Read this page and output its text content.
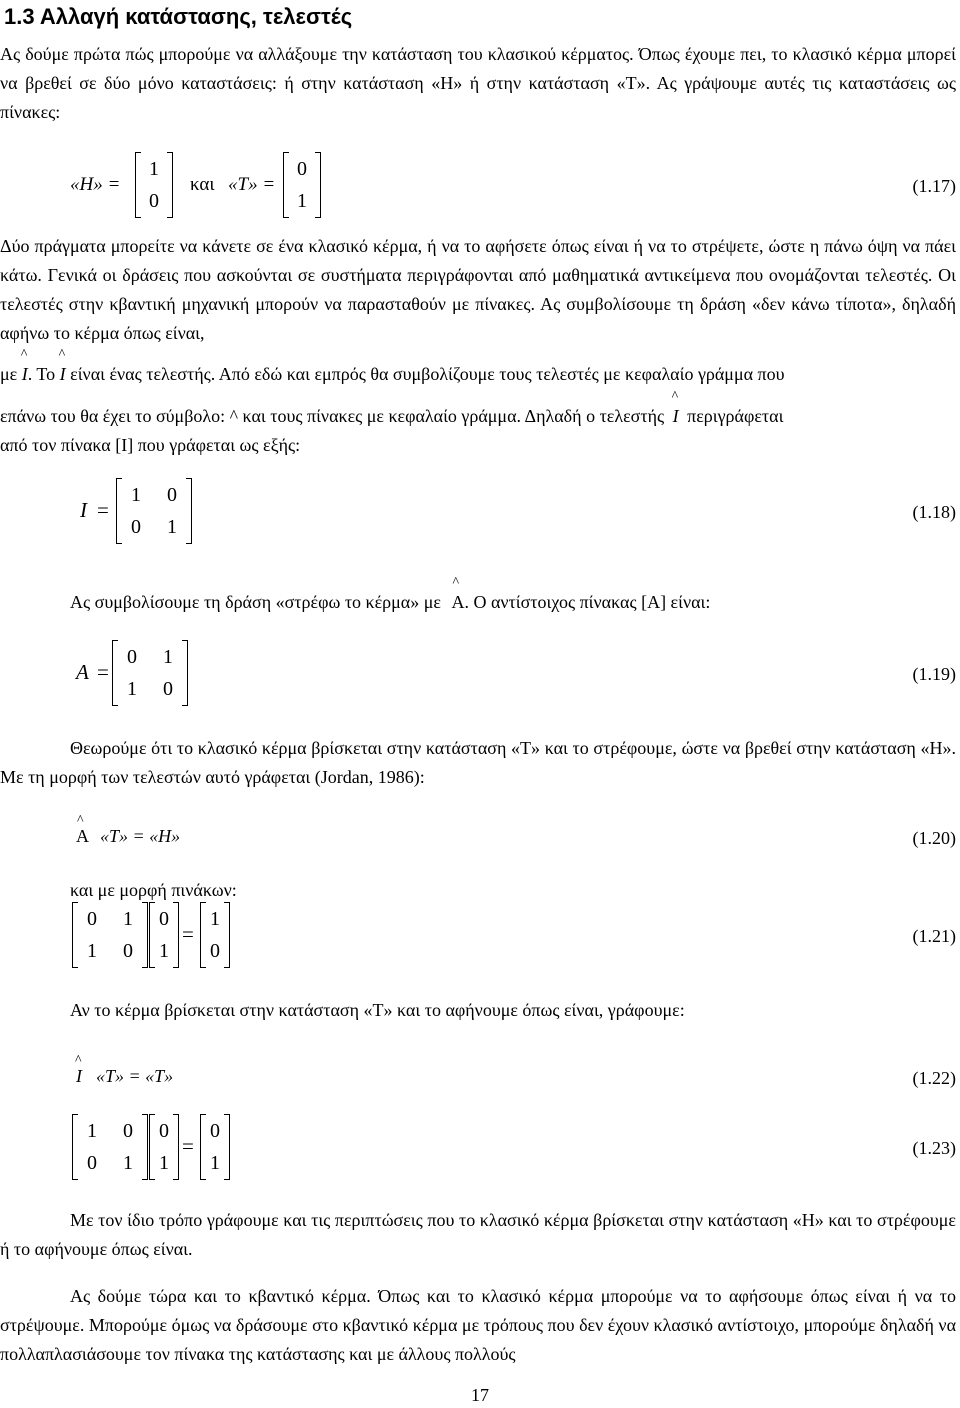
1.3 Αλλαγή κατάστασης, τελεστές
Ας δούμε πρώτα πώς μπορούμε να αλλάξουμε την κατάσταση του κλασικού κέρματος. Όπως έχουμε πει, το κλασικό κέρμα μπορεί να βρεθεί σε δύο μόνο καταστάσεις: ή στην κατάσταση «Η» ή στην κατάσταση «Τ». Ας γράψουμε αυτές τις καταστάσεις ως πίνακες:
«Η» =
1
0
και «Τ» =
0
1
(1.17)
Δύο πράγματα μπορείτε να κάνετε σε ένα κλασικό κέρμα, ή να το αφήσετε όπως είναι ή να το στρέψετε, ώστε η πάνω όψη να πάει κάτω. Γενικά οι δράσεις που ασκούνται σε συστήματα περιγράφονται από μαθηματικά αντικείμενα που ονομάζονται τελεστές. Οι τελεστές στην κβαντική μηχανική μπορούν να παρασταθούν με πίνακες. Ας συμβολίσουμε τη δράση «δεν κάνω τίποτα», δηλαδή αφήνω το κέρμα όπως είναι,
με
^
I. Το
^
I είναι ένας τελεστής. Από εδώ και εμπρός θα συμβολίζουμε τους τελεστές με κεφαλαίο γράμμα που
επάνω του θα έχει το σύμβολο: ^ και τους πίνακες με κεφαλαίο γράμμα. Δηλαδή ο τελεστής
^
I περιγράφεται
από τον πίνακα [I] που γράφεται ως εξής:
I =
1 0
0 1
(1.18)
Ας συμβολίσουμε τη δράση «στρέφω το κέρμα» με
^
A. Ο αντίστοιχος πίνακας [Α] είναι:
A =
0 1
1 0
(1.19)
Θεωρούμε ότι το κλασικό κέρμα βρίσκεται στην κατάσταση «Τ» και το στρέφουμε, ώστε να βρεθεί στην κατάσταση «Η». Με τη μορφή των τελεστών αυτό γράφεται (Jordan, 1986):
^
A «Τ» = «Η»	(1.20)
και με μορφή πινάκων:
0 1
1 0
0
1
=
1
0
(1.21)
Αν το κέρμα βρίσκεται στην κατάσταση «Τ» και το αφήνουμε όπως είναι, γράφουμε:
^
I «Τ» = «Τ»	(1.22)
1 0
0 1
0
1
=
0
1
(1.23)
Με τον ίδιο τρόπο γράφουμε και τις περιπτώσεις που το κλασικό κέρμα βρίσκεται στην κατάσταση «Η» και το στρέφουμε ή το αφήνουμε όπως είναι.
Ας δούμε τώρα και το κβαντικό κέρμα. Όπως και το κλασικό κέρμα μπορούμε να το αφήσουμε όπως είναι ή να το στρέψουμε. Μπορούμε όμως να δράσουμε στο κβαντικό κέρμα με τρόπους που δεν έχουν κλασικό αντίστοιχο, μπορούμε δηλαδή να πολλαπλασιάσουμε τον πίνακα της κατάστασης και με άλλους πολλούς
17
